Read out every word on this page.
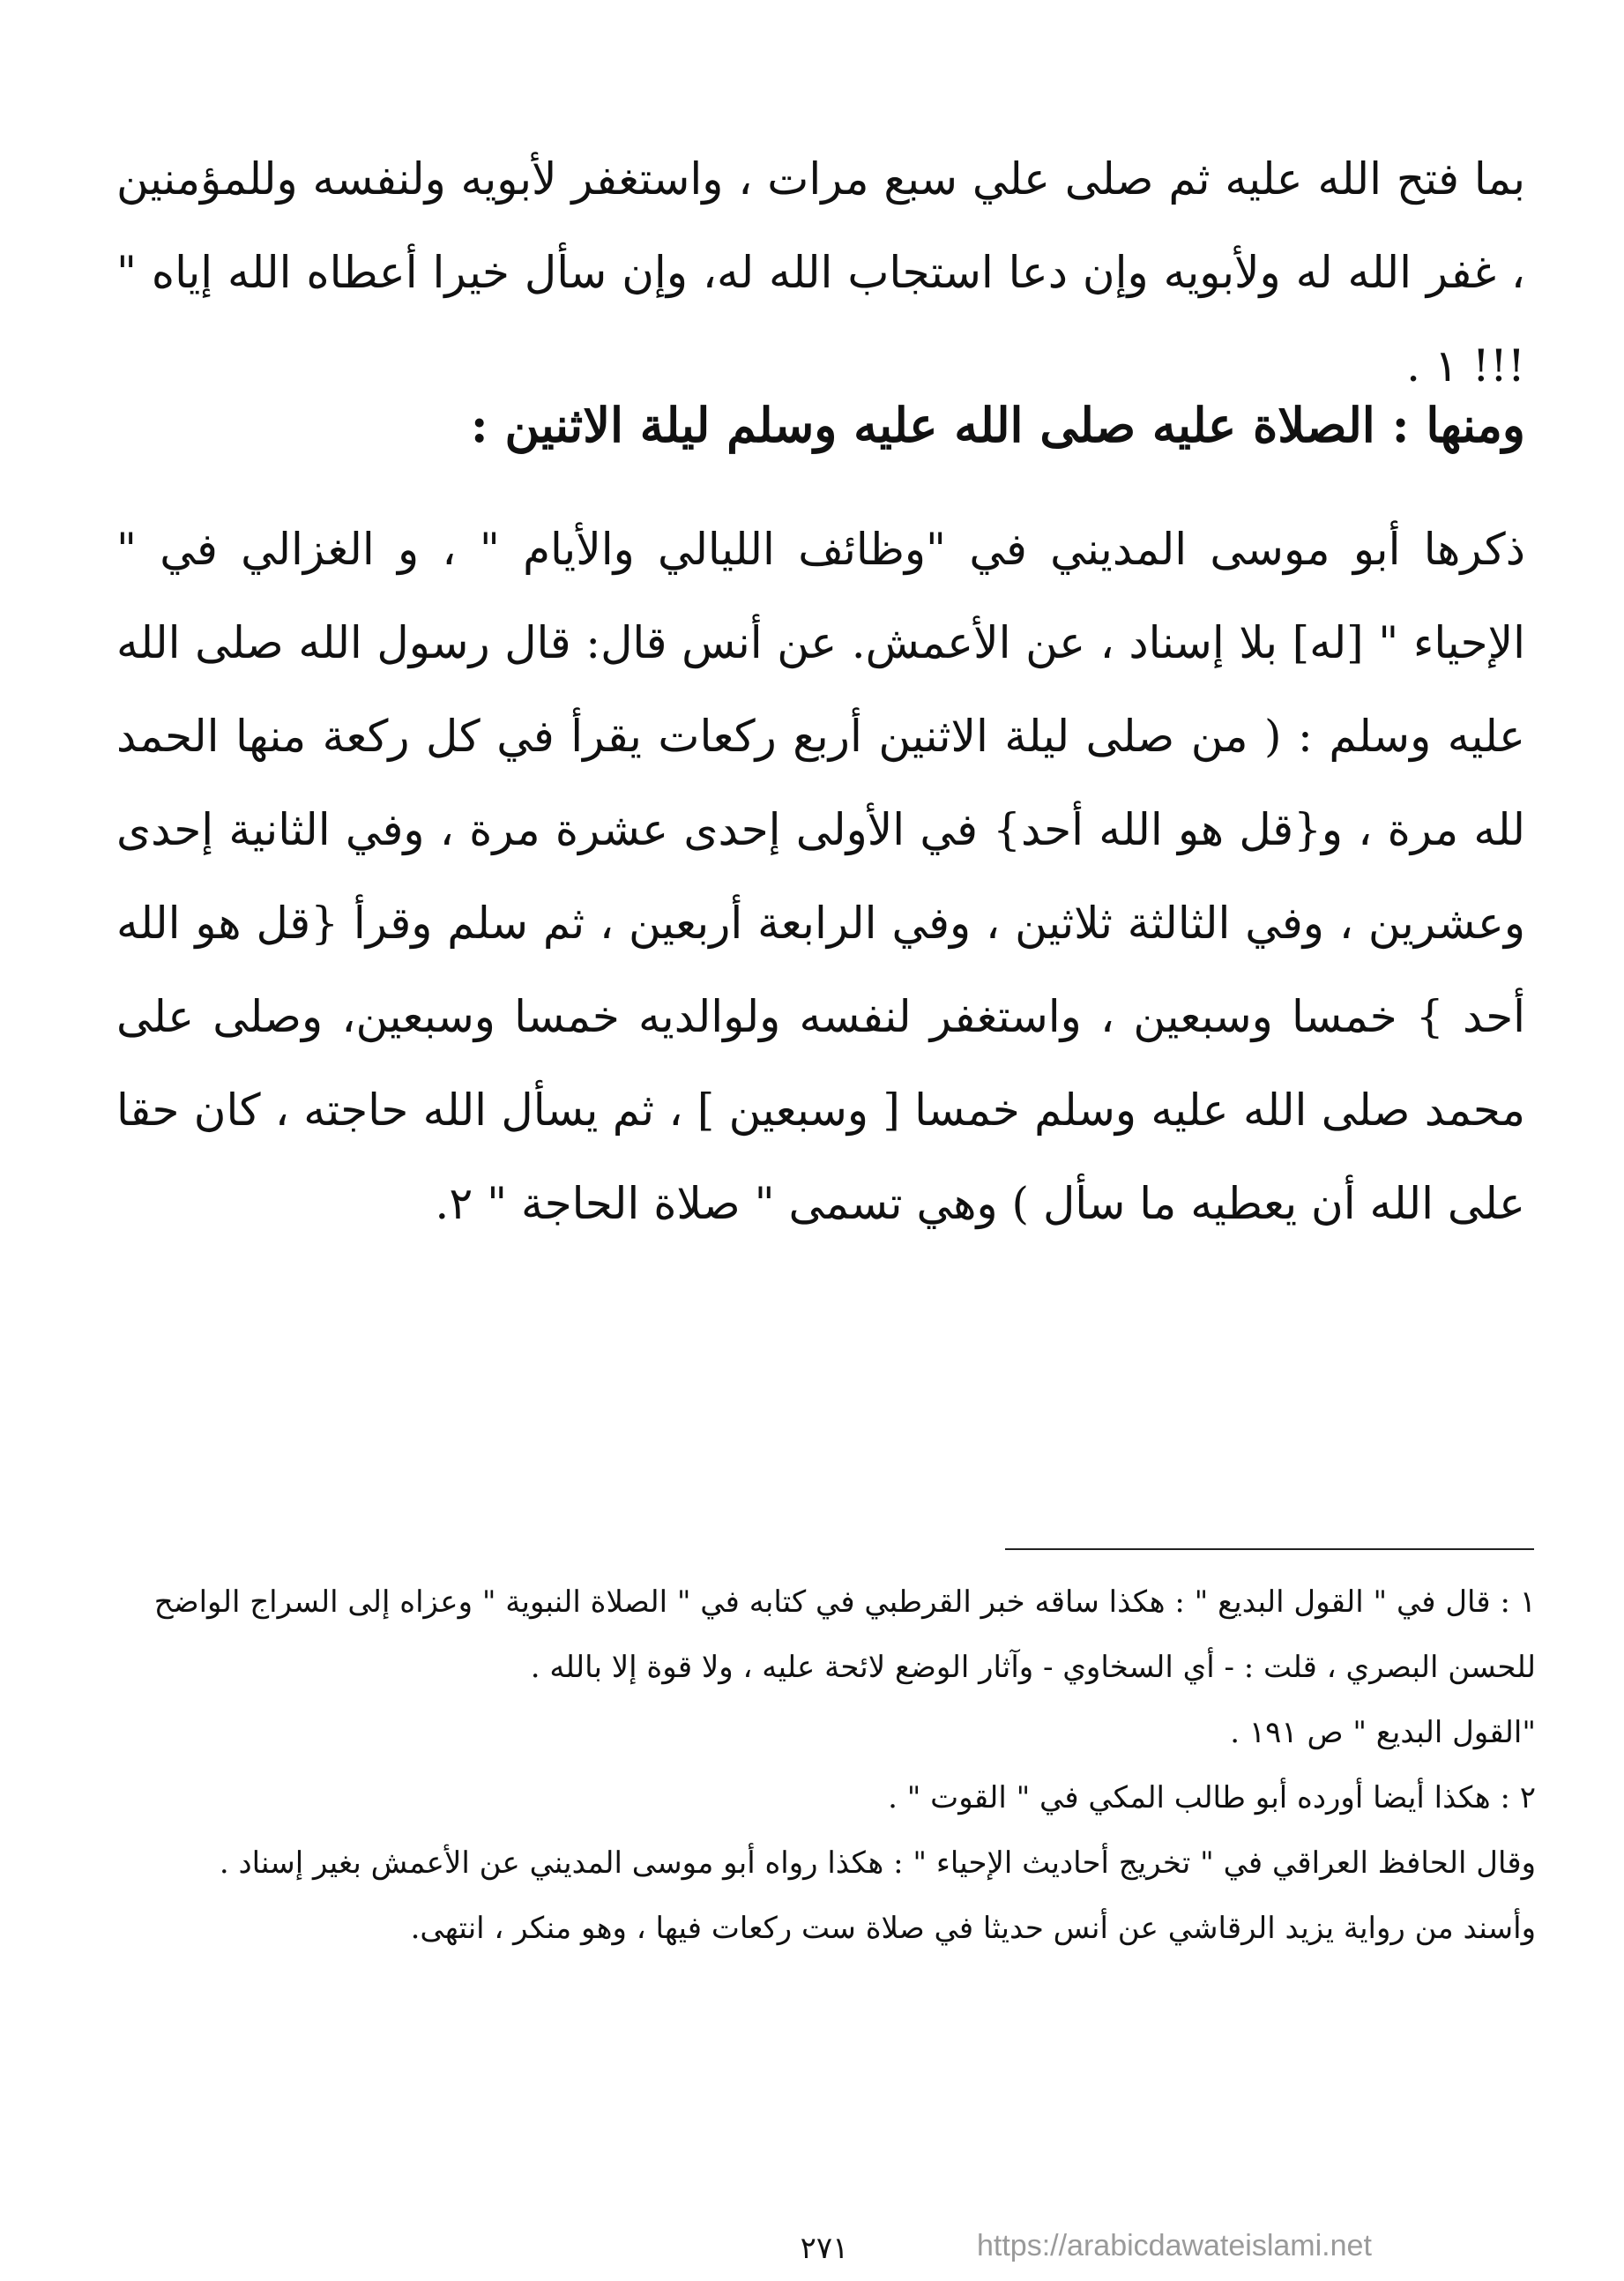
بما فتح الله عليه ثم صلى علي سبع مرات ، واستغفر لأبويه ولنفسه وللمؤمنين ، غفر الله له ولأبويه وإن دعا استجاب الله له، وإن سأل خيرا أعطاه الله إياه " !!! ١ .
ومنها : الصلاة عليه صلى الله عليه وسلم ليلة الاثنين :
ذكرها أبو موسى المديني في "وظائف الليالي والأيام " ، و الغزالي في " الإحياء " [له] بلا إسناد ، عن الأعمش. عن أنس قال: قال رسول الله صلى الله عليه وسلم : ( من صلى ليلة الاثنين أربع ركعات يقرأ في كل ركعة منها الحمد لله مرة ، و{قل هو الله أحد} في الأولى إحدى عشرة مرة ، وفي الثانية إحدى وعشرين ، وفي الثالثة ثلاثين ، وفي الرابعة أربعين ، ثم سلم وقرأ {قل هو الله أحد } خمسا وسبعين ، واستغفر لنفسه ولوالديه خمسا وسبعين، وصلى على محمد صلى الله عليه وسلم خمسا [ وسبعين ] ، ثم يسأل الله حاجته ، كان حقا على الله أن يعطيه ما سأل ) وهي تسمى " صلاة الحاجة " ٢.

١ : قال في " القول البديع " : هكذا ساقه خبر القرطبي في كتابه في " الصلاة النبوية " وعزاه إلى السراج الواضح للحسن البصري ، قلت : - أي السخاوي - وآثار الوضع لائحة عليه ، ولا قوة إلا بالله .

"القول البديع " ص ١٩١ .

٢ : هكذا أيضا أورده أبو طالب المكي في " القوت " .

وقال الحافظ العراقي في " تخريج أحاديث الإحياء " : هكذا رواه أبو موسى المديني عن الأعمش بغير إسناد .

وأسند من رواية يزيد الرقاشي عن أنس حديثا في صلاة ست ركعات فيها ، وهو منكر ، انتهى.

٢٧١	https://arabicdawateislami.net
